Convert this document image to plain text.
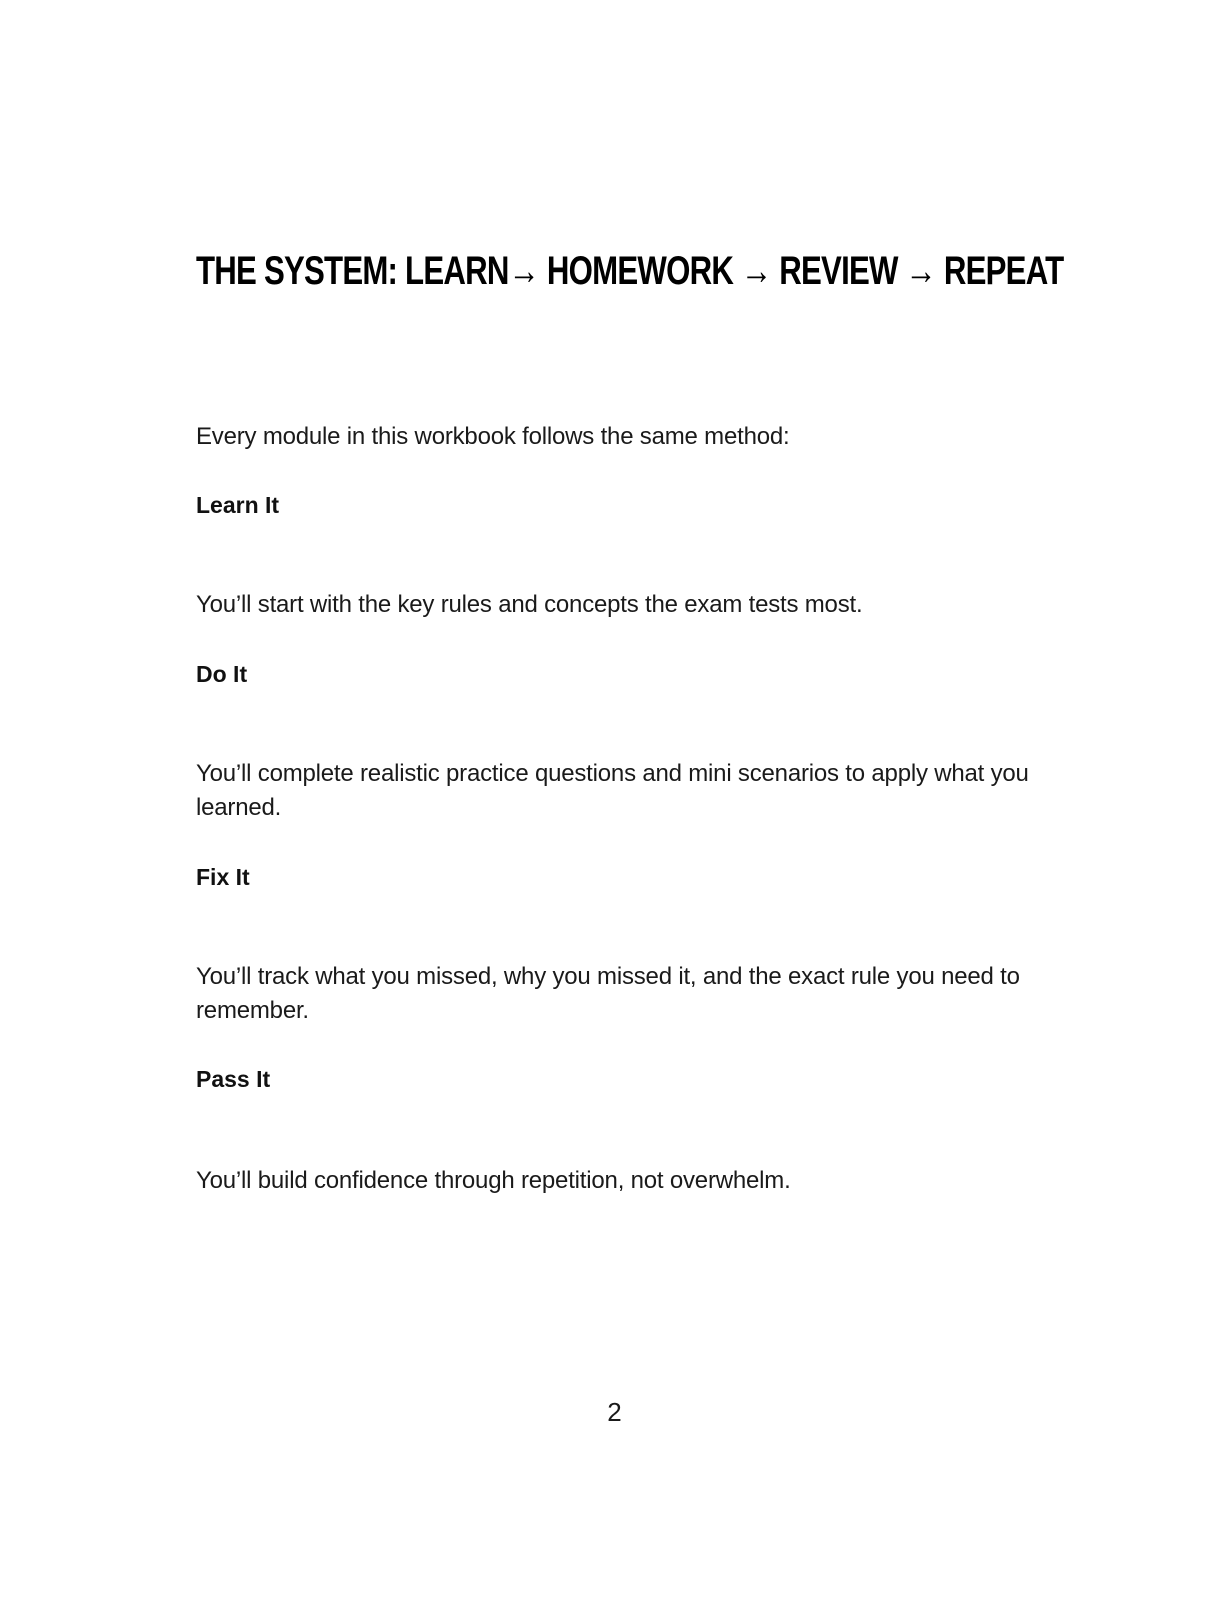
THE SYSTEM: LEARN→ HOMEWORK → REVIEW → REPEAT

Every module in this workbook follows the same method:

Learn It

You’ll start with the key rules and concepts the exam tests most.

Do It

You’ll complete realistic practice questions and mini scenarios to apply what you learned.

Fix It

You’ll track what you missed, why you missed it, and the exact rule you need to remember.

Pass It

You’ll build confidence through repetition, not overwhelm.

2
